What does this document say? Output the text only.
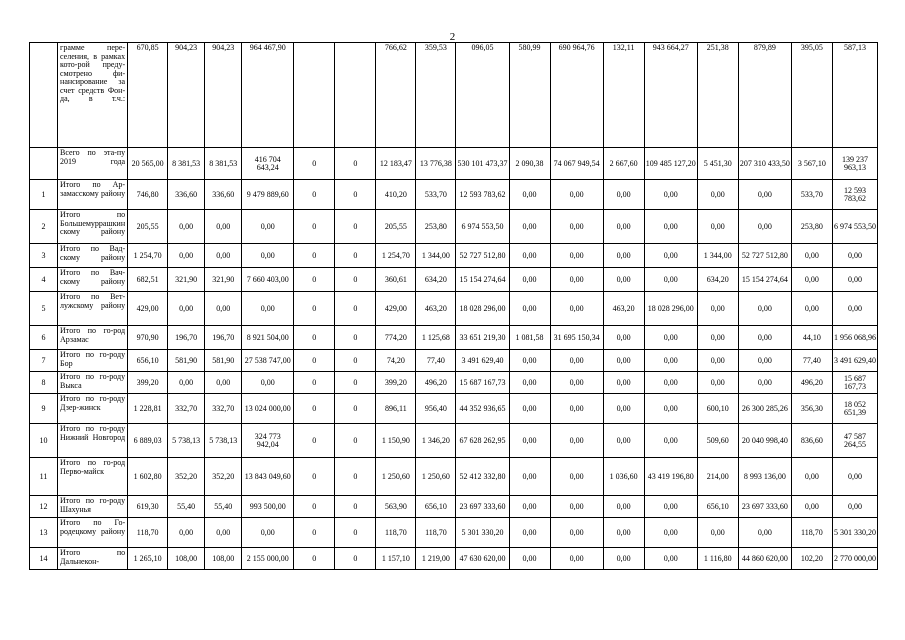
2
	грамме пере-селения, в рамках кото-рой преду-смотрено фи-нансирование за счет средств Фон-да, в т.ч.:	670,85	904,23	904,23	964 467,90			766,62	359,53	096,05	580,99	690 964,76	132,11	943 664,27	251,38	879,89	395,05	587,13
	Всего по эта-пу 2019 года	20 565,00	8 381,53	8 381,53	416 704 643,24	0	0	12 183,47	13 776,38	530 101 473,37	2 090,38	74 067 949,54	2 667,60	109 485 127,20	5 451,30	207 310 433,50	3 567,10	139 237 963,13
1	Итого по Ар-замасскому району	746,80	336,60	336,60	9 479 889,60	0	0	410,20	533,70	12 593 783,62	0,00	0,00	0,00	0,00	0,00	0,00	533,70	12 593 783,62
2	Итого по Большемуррашкинскому району	205,55	0,00	0,00	0,00	0	0	205,55	253,80	6 974 553,50	0,00	0,00	0,00	0,00	0,00	0,00	253,80	6 974 553,50
3	Итого по Вад-скому району	1 254,70	0,00	0,00	0,00	0	0	1 254,70	1 344,00	52 727 512,80	0,00	0,00	0,00	0,00	1 344,00	52 727 512,80	0,00	0,00
4	Итого по Вач-скому району	682,51	321,90	321,90	7 660 403,00	0	0	360,61	634,20	15 154 274,64	0,00	0,00	0,00	0,00	634,20	15 154 274,64	0,00	0,00
5	Итого по Вет-лужскому району	429,00	0,00	0,00	0,00	0	0	429,00	463,20	18 028 296,00	0,00	0,00	463,20	18 028 296,00	0,00	0,00	0,00	0,00
6	Итого по го-род Арзамас	970,90	196,70	196,70	8 921 504,00	0	0	774,20	1 125,68	33 651 219,30	1 081,58	31 695 150,34	0,00	0,00	0,00	0,00	44,10	1 956 068,96
7	Итого по го-роду Бор	656,10	581,90	581,90	27 538 747,00	0	0	74,20	77,40	3 491 629,40	0,00	0,00	0,00	0,00	0,00	0,00	77,40	3 491 629,40
8	Итого по го-роду Выкса	399,20	0,00	0,00	0,00	0	0	399,20	496,20	15 687 167,73	0,00	0,00	0,00	0,00	0,00	0,00	496,20	15 687 167,73
9	Итого по го-роду Дзер-жинск	1 228,81	332,70	332,70	13 024 000,00	0	0	896,11	956,40	44 352 936,65	0,00	0,00	0,00	0,00	600,10	26 300 285,26	356,30	18 052 651,39
10	Итого по го-роду Нижний Новгород	6 889,03	5 738,13	5 738,13	324 773 942,04	0	0	1 150,90	1 346,20	67 628 262,95	0,00	0,00	0,00	0,00	509,60	20 040 998,40	836,60	47 587 264,55
11	Итого по го-род Перво-майск	1 602,80	352,20	352,20	13 843 049,60	0	0	1 250,60	1 250,60	52 412 332,80	0,00	0,00	1 036,60	43 419 196,80	214,00	8 993 136,00	0,00	0,00
12	Итого по го-роду Шахунья	619,30	55,40	55,40	993 500,00	0	0	563,90	656,10	23 697 333,60	0,00	0,00	0,00	0,00	656,10	23 697 333,60	0,00	0,00
13	Итого по Го-родецкому району	118,70	0,00	0,00	0,00	0	0	118,70	118,70	5 301 330,20	0,00	0,00	0,00	0,00	0,00	0,00	118,70	5 301 330,20
14	Итого по Дальнекон-	1 265,10	108,00	108,00	2 155 000,00	0	0	1 157,10	1 219,00	47 630 620,00	0,00	0,00	0,00	0,00	1 116,80	44 860 620,00	102,20	2 770 000,00
